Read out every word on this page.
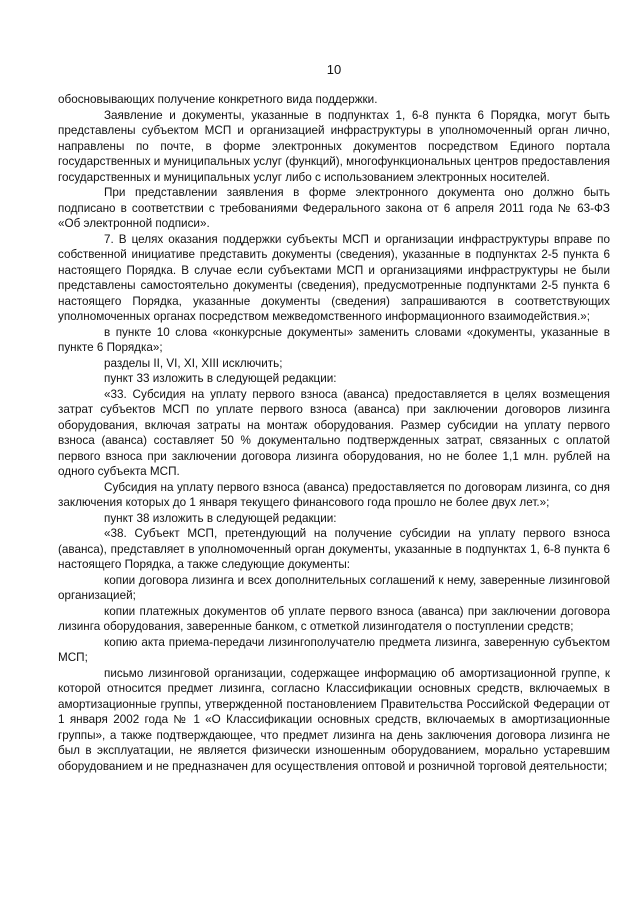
10

обосновывающих получение конкретного вида поддержки.

Заявление и документы, указанные в подпунктах 1, 6-8 пункта 6 Порядка, могут быть представлены субъектом МСП и организацией инфраструктуры в уполномоченный орган лично, направлены по почте, в форме электронных документов посредством Единого портала государственных и муниципальных услуг (функций), многофункциональных центров предоставления государственных и муниципальных услуг либо с использованием электронных носителей.

При представлении заявления в форме электронного документа оно должно быть подписано в соответствии с требованиями Федерального закона от 6 апреля 2011 года № 63-ФЗ «Об электронной подписи».

7. В целях оказания поддержки субъекты МСП и организации инфраструктуры вправе по собственной инициативе представить документы (сведения), указанные в подпунктах 2-5 пункта 6 настоящего Порядка. В случае если субъектами МСП и организациями инфраструктуры не были представлены самостоятельно документы (сведения), предусмотренные подпунктами 2-5 пункта 6 настоящего Порядка, указанные документы (сведения) запрашиваются в соответствующих уполномоченных органах посредством межведомственного информационного взаимодействия.»;

в пункте 10 слова «конкурсные документы» заменить словами «документы, указанные в пункте 6 Порядка»;

разделы II, VI, XI, XIII исключить;

пункт 33 изложить в следующей редакции:

«33. Субсидия на уплату первого взноса (аванса) предоставляется в целях возмещения затрат субъектов МСП по уплате первого взноса (аванса) при заключении договоров лизинга оборудования, включая затраты на монтаж оборудования. Размер субсидии на уплату первого взноса (аванса) составляет 50 % документально подтвержденных затрат, связанных с оплатой первого взноса при заключении договора лизинга оборудования, но не более 1,1 млн. рублей на одного субъекта МСП.

Субсидия на уплату первого взноса (аванса) предоставляется по договорам лизинга, со дня заключения которых до 1 января текущего финансового года прошло не более двух лет.»;

пункт 38 изложить в следующей редакции:

«38. Субъект МСП, претендующий на получение субсидии на уплату первого взноса (аванса), представляет в уполномоченный орган документы, указанные в подпунктах 1, 6-8 пункта 6 настоящего Порядка, а также следующие документы:

копии договора лизинга и всех дополнительных соглашений к нему, заверенные лизинговой организацией;

копии платежных документов об уплате первого взноса (аванса) при заключении договора лизинга оборудования, заверенные банком, с отметкой лизингодателя о поступлении средств;

копию акта приема-передачи лизингополучателю предмета лизинга, заверенную субъектом МСП;

письмо лизинговой организации, содержащее информацию об амортизационной группе, к которой относится предмет лизинга, согласно Классификации основных средств, включаемых в амортизационные группы, утвержденной постановлением Правительства Российской Федерации от 1 января 2002 года № 1 «О Классификации основных средств, включаемых в амортизационные группы», а также подтверждающее, что предмет лизинга на день заключения договора лизинга не был в эксплуатации, не является физически изношенным оборудованием, морально устаревшим оборудованием и не предназначен для осуществления оптовой и розничной торговой деятельности;
